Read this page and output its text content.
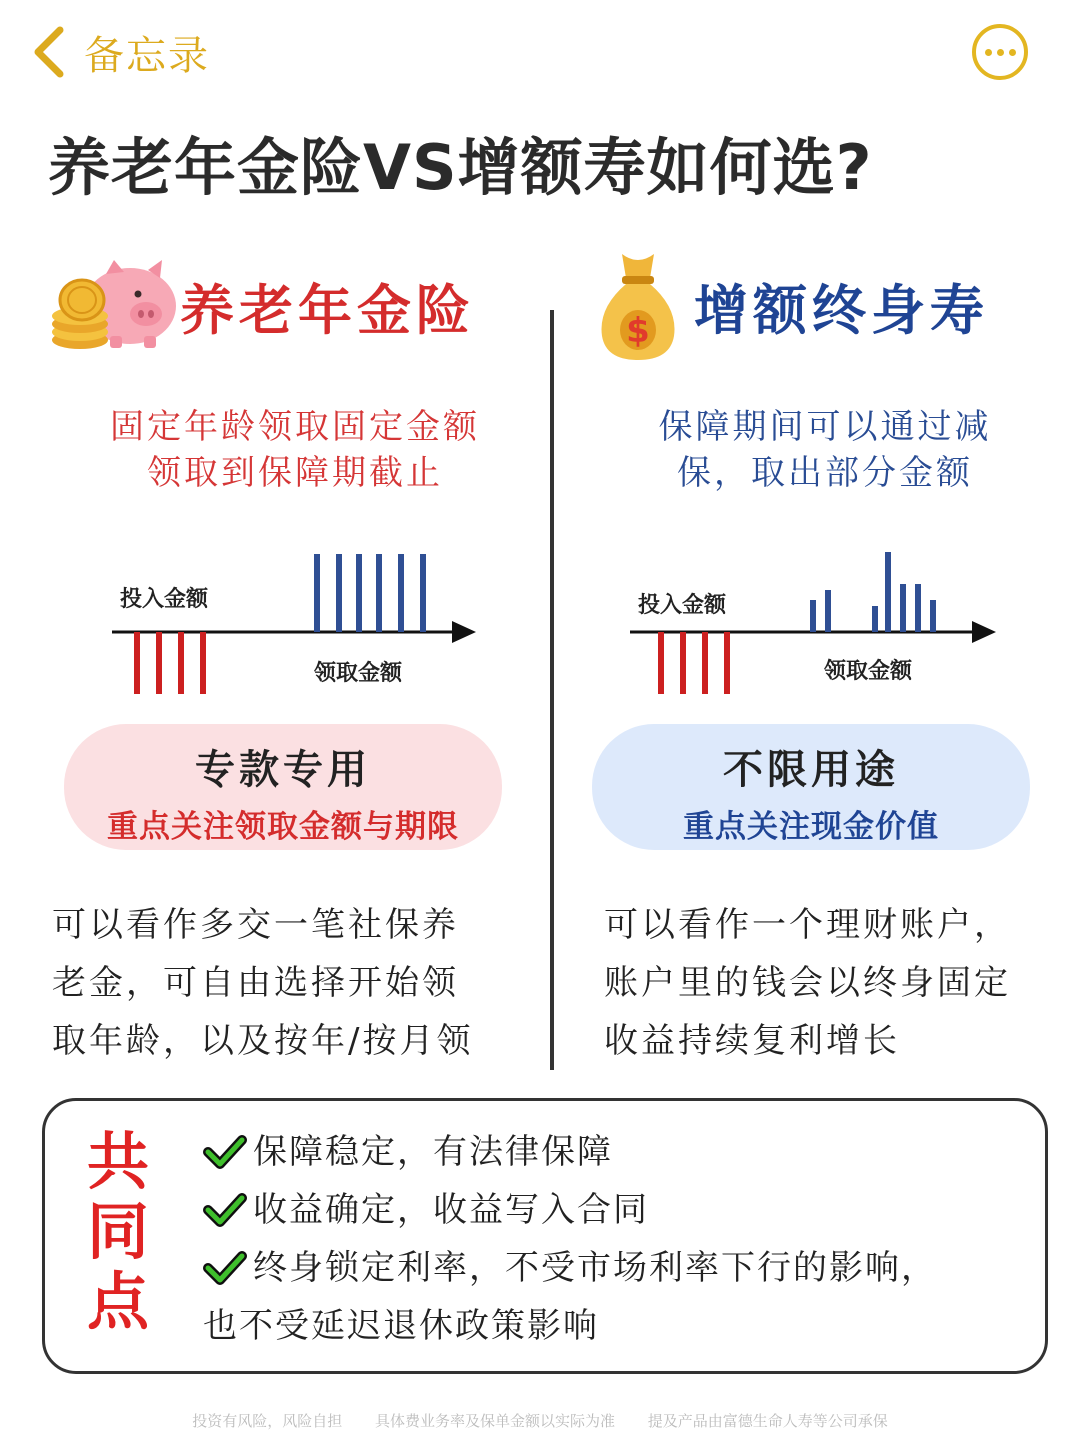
备忘录
养老年金险VS增额寿如何选?
养老年金险	$ 增额终身寿
固定年龄领取固定金额
领取到保障期截止
保障期间可以通过减
保，取出部分金额
投入金额
领取金额
投入金额
领取金额
专款专用
重点关注领取金额与期限
不限用途
重点关注现金价值
可以看作多交一笔社保养
老金，可自由选择开始领
取年龄，以及按年/按月领
可以看作一个理财账户，
账户里的钱会以终身固定
收益持续复利增长
共
同
点
保障稳定，有法律保障
收益确定，收益写入合同
终身锁定利率，不受市场利率下行的影响，
也不受延迟退休政策影响
投资有风险，风险自担 具体费业务率及保单金额以实际为准 提及产品由富德生命人寿等公司承保
